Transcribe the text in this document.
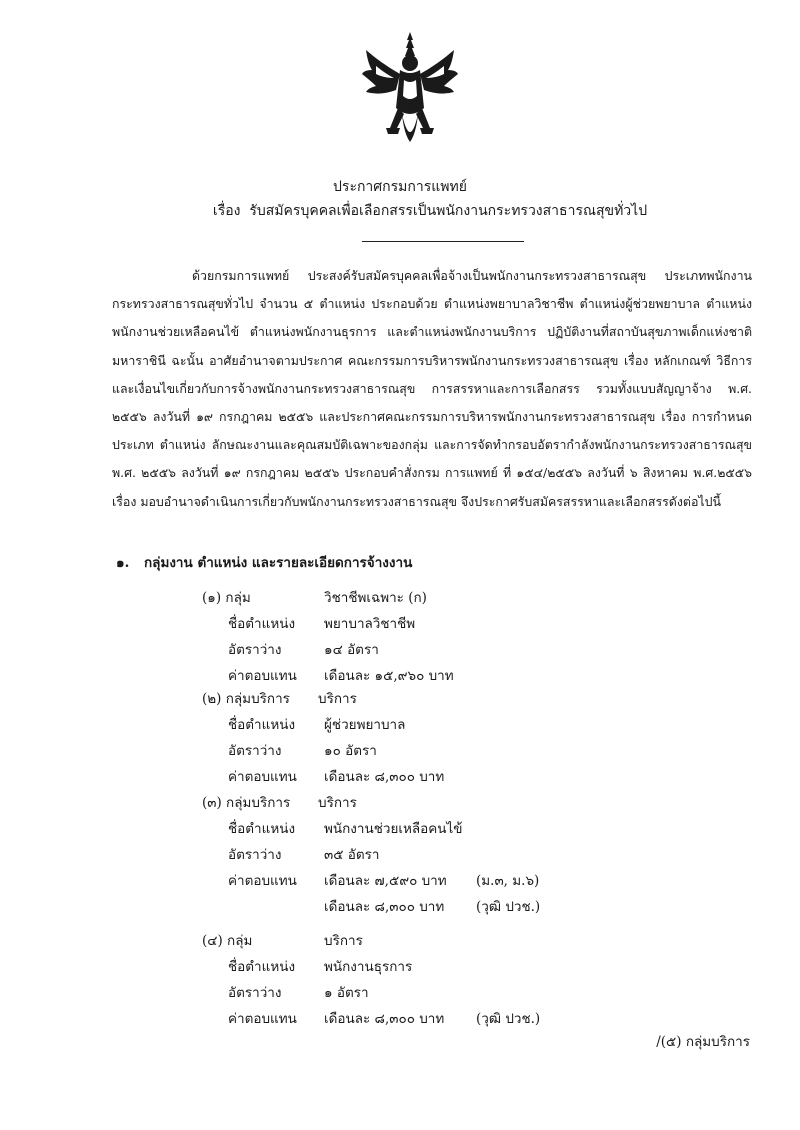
ประกาศกรมการแพทย์
เรื่อง รับสมัครบุคคลเพื่อเลือกสรรเป็นพนักงานกระทรวงสาธารณสุขทั่วไป
ด้วยกรมการแพทย์ ประสงค์รับสมัครบุคคลเพื่อจ้างเป็นพนักงานกระทรวงสาธารณสุข ประเภทพนักงานกระทรวงสาธารณสุขทั่วไป จำนวน ๕ ตำแหน่ง ประกอบด้วย ตำแหน่งพยาบาลวิชาชีพ ตำแหน่งผู้ช่วยพยาบาล ตำแหน่งพนักงานช่วยเหลือคนไข้ ตำแหน่งพนักงานธุรการ และตำแหน่งพนักงานบริการ ปฏิบัติงานที่สถาบันสุขภาพเด็กแห่งชาติมหาราชินี ฉะนั้น อาศัยอำนาจตามประกาศ คณะกรรมการบริหารพนักงานกระทรวงสาธารณสุข เรื่อง หลักเกณฑ์ วิธีการและเงื่อนไขเกี่ยวกับการจ้างพนักงานกระทรวงสาธารณสุข การสรรหาและการเลือกสรร รวมทั้งแบบสัญญาจ้าง พ.ศ. ๒๕๕๖ ลงวันที่ ๑๙ กรกฎาคม ๒๕๕๖ และประกาศคณะกรรมการบริหารพนักงานกระทรวงสาธารณสุข เรื่อง การกำหนดประเภท ตำแหน่ง ลักษณะงานและคุณสมบัติเฉพาะของกลุ่ม และการจัดทำกรอบอัตรากำลังพนักงานกระทรวงสาธารณสุข พ.ศ. ๒๕๕๖ ลงวันที่ ๑๙ กรกฎาคม ๒๕๕๖ ประกอบคำสั่งกรม การแพทย์ ที่ ๑๕๔/๒๕๕๖ ลงวันที่ ๖ สิงหาคม พ.ศ.๒๕๕๖ เรื่อง มอบอำนาจดำเนินการเกี่ยวกับพนักงานกระทรวงสาธารณสุข จึงประกาศรับสมัครสรรหาและเลือกสรรดังต่อไปนี้
๑. กลุ่มงาน ตำแหน่ง และรายละเอียดการจ้างงาน
(๑) กลุ่ม	วิชาชีพเฉพาะ (ก)
ชื่อตำแหน่ง พยาบาลวิชาชีพ
อัตราว่าง	๑๔ อัตรา
ค่าตอบแทน เดือนละ ๑๕,๙๖๐ บาท
(๒) กลุ่มบริการ บริการ
ชื่อตำแหน่ง ผู้ช่วยพยาบาล
อัตราว่าง	๑๐ อัตรา
ค่าตอบแทน เดือนละ ๘,๓๐๐ บาท
(๓) กลุ่มบริการ บริการ
ชื่อตำแหน่ง พนักงานช่วยเหลือคนไข้
อัตราว่าง	๓๕ อัตรา
ค่าตอบแทน เดือนละ ๗,๕๙๐ บาท (ม.๓, ม.๖)
เดือนละ ๘,๓๐๐ บาท (วุฒิ ปวช.)
(๔) กลุ่ม	บริการ
ชื่อตำแหน่ง พนักงานธุรการ
อัตราว่าง	๑ อัตรา
ค่าตอบแทน เดือนละ ๘,๓๐๐ บาท (วุฒิ ปวช.)
/(๕) กลุ่มบริการ
